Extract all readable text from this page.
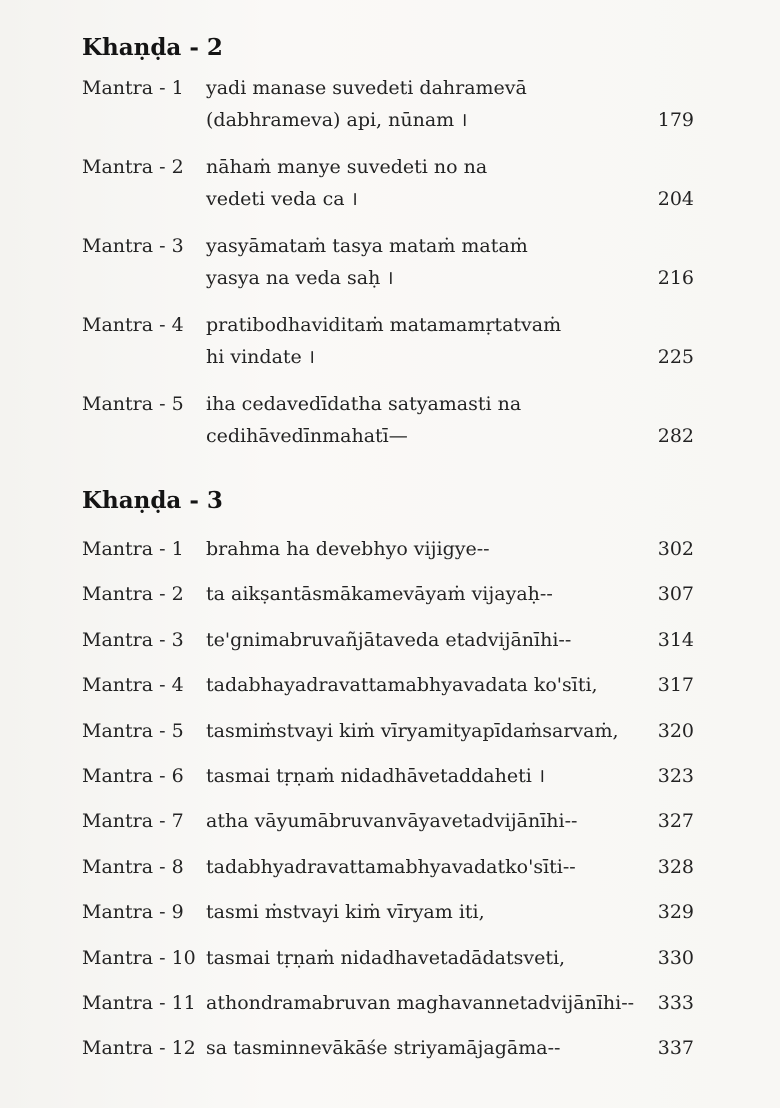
Khaṇḍa - 2
Mantra - 1 yadi manase suvedeti dahramevā
(dabhrameva) api, nūnam ।	179
Mantra - 2 nāhaṁ manye suvedeti no na
vedeti veda ca ।	204
Mantra - 3 yasyāmataṁ tasya mataṁ mataṁ
yasya na veda saḥ ।	216
Mantra - 4 pratibodhaviditaṁ matamamṛtatvaṁ
hi vindate ।	225
Mantra - 5 iha cedavedīdatha satyamasti na
cedihāvedīnmahatī—	282
Khaṇḍa - 3
Mantra - 1 brahma ha devebhyo vijigye--	302
Mantra - 2 ta aikṣantāsmākamevāyaṁ vijayaḥ--	307
Mantra - 3 te'gnimabruvañjātaveda etadvijānīhi--	314
Mantra - 4 tadabhayadravattamabhyavadata ko'sīti,	317
Mantra - 5 tasmiṁstvayi kiṁ vīryamityapīdaṁsarvaṁ,	320
Mantra - 6 tasmai tṛṇaṁ nidadhāvetaddaheti ।	323
Mantra - 7 atha vāyumābruvanvāyavetadvijānīhi--	327
Mantra - 8 tadabhyadravattamabhyavadatko'sīti--	328
Mantra - 9 tasmi ṁstvayi kiṁ vīryam iti,	329
Mantra - 10 tasmai tṛṇaṁ nidadhavetadādatsveti,	330
Mantra - 11 athondramabruvan maghavannetadvijānīhi--	333
Mantra - 12 sa tasminnevākāśe striyamājagāma--	337
